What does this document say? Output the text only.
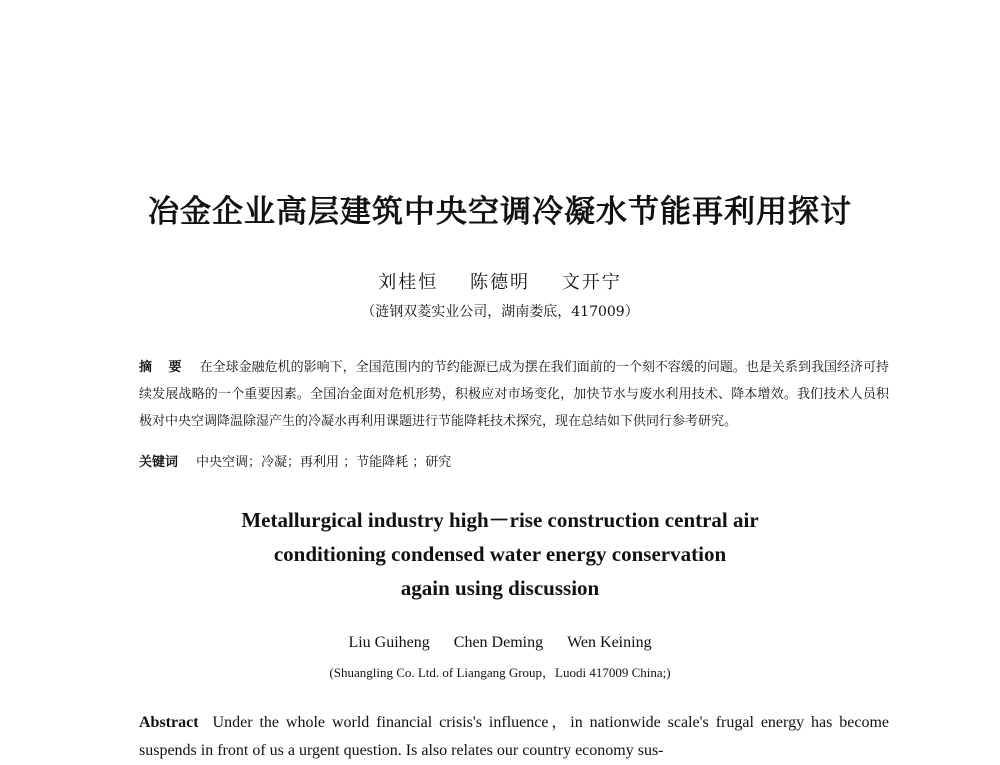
冶金企业高层建筑中央空调冷凝水节能再利用探讨
刘桂恒 陈德明 文开宁
（涟钢双菱实业公司，湖南娄底，417009）
摘 要 在全球金融危机的影响下，全国范围内的节约能源已成为摆在我们面前的一个刻不容缓的问题。也是关系到我国经济可持续发展战略的一个重要因素。全国冶金面对危机形势，积极应对市场变化，加快节水与废水利用技术、降本增效。我们技术人员积极对中央空调降温除湿产生的冷凝水再利用课题进行节能降耗技术探究，现在总结如下供同行参考研究。
关键词 中央空调；冷凝；再利用 ；节能降耗 ；研究
Metallurgical industry high－rise construction central air
conditioning condensed water energy conservation
again using discussion
Liu Guiheng Chen Deming Wen Keining
(Shuangling Co. Ltd. of Liangang Group，Luodi 417009 China;)
Abstract Under the whole world financial crisis's influence，in nationwide scale's frugal energy has become suspends in front of us a urgent question. Is also relates our country economy sus-
